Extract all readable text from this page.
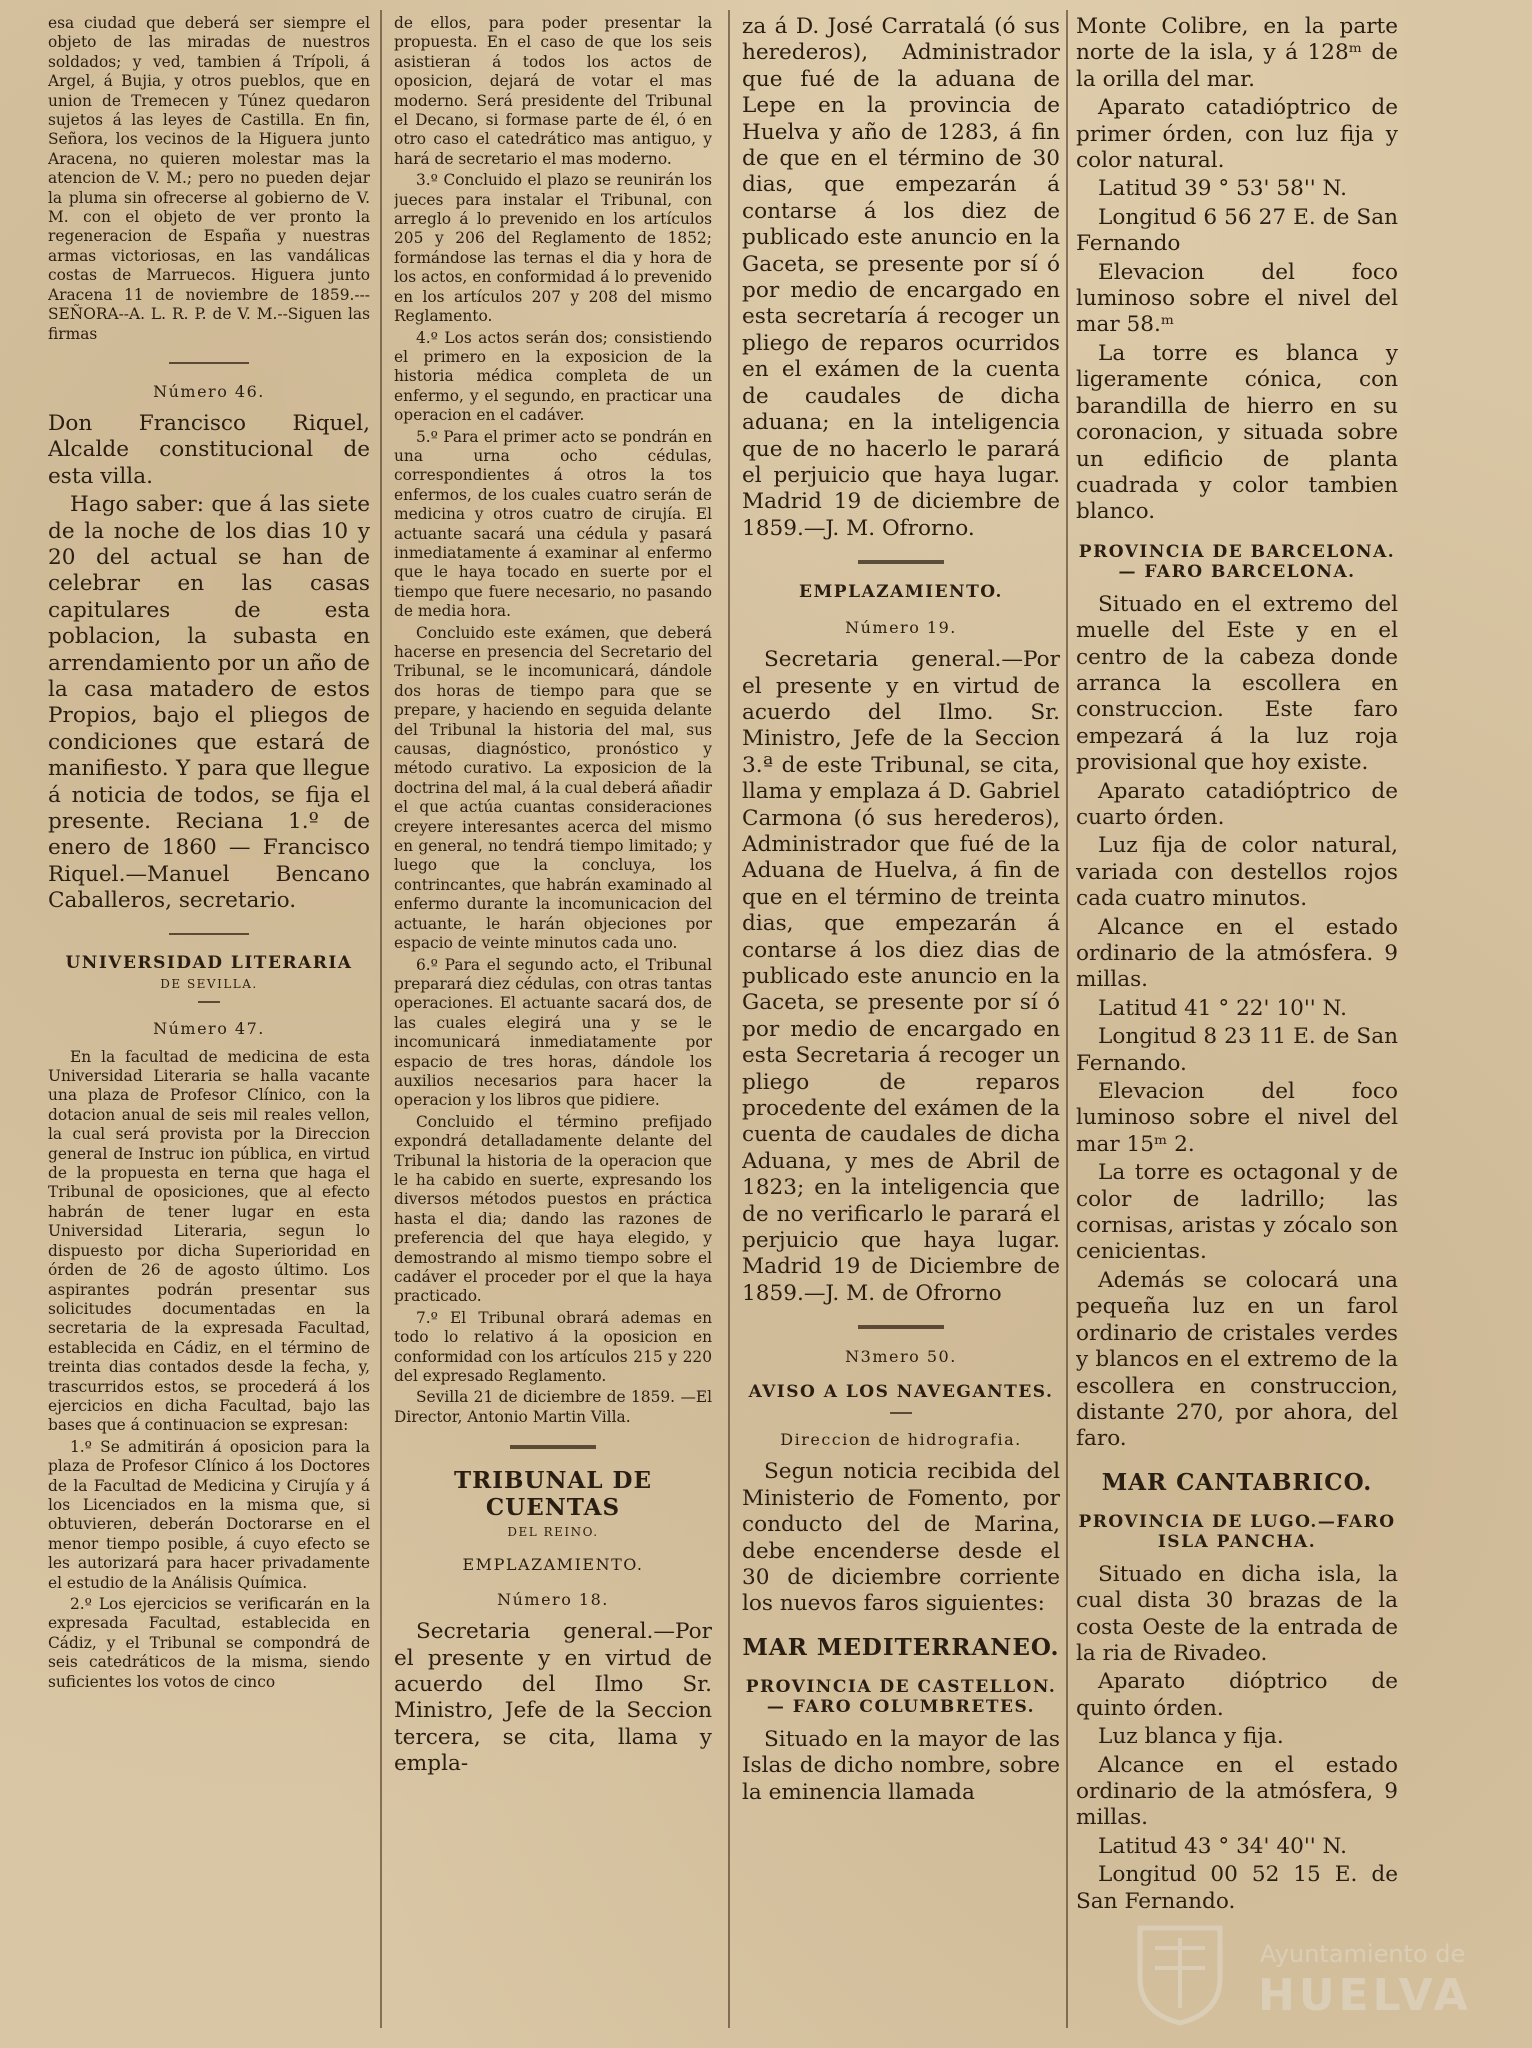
esa ciudad que deberá ser siempre el objeto de las miradas de nuestros soldados; y ved, tambien á Trípoli, á Argel, á Bujia, y otros pueblos, que en union de Tremecen y Túnez quedaron sujetos á las leyes de Castilla. En fin, Señora, los vecinos de la Higuera junto Aracena, no quieren molestar mas la atencion de V. M.; pero no pueden dejar la pluma sin ofrecerse al gobierno de V. M. con el objeto de ver pronto la regeneracion de España y nuestras armas victoriosas, en las vandálicas costas de Marruecos. Higuera junto Aracena 11 de noviembre de 1859.---SEÑORA--A. L. R. P. de V. M.--Siguen las firmas

Número 46.

Don Francisco Riquel, Alcalde constitucional de esta villa.

Hago saber: que á las siete de la noche de los dias 10 y 20 del actual se han de celebrar en las casas capitulares de esta poblacion, la subasta en arrendamiento por un año de la casa matadero de estos Propios, bajo el pliegos de condiciones que estará de manifiesto. Y para que llegue á noticia de todos, se fija el presente. Reciana 1.º de enero de 1860 — Francisco Riquel.—Manuel Bencano Caballeros, secretario.

UNIVERSIDAD LITERARIA
DE SEVILLA.
Número 47.

En la facultad de medicina de esta Universidad Literaria se halla vacante una plaza de Profesor Clínico, con la dotacion anual de seis mil reales vellon, la cual será provista por la Direccion general de Instruc ion pública, en virtud de la propuesta en terna que haga el Tribunal de oposiciones, que al efecto habrán de tener lugar en esta Universidad Literaria, segun lo dispuesto por dicha Superioridad en órden de 26 de agosto último. Los aspirantes podrán presentar sus solicitudes documentadas en la secretaria de la expresada Facultad, establecida en Cádiz, en el término de treinta dias contados desde la fecha, y, trascurridos estos, se procederá á los ejercicios en dicha Facultad, bajo las bases que á continuacion se expresan:

1.º Se admitirán á oposicion para la plaza de Profesor Clínico á los Doctores de la Facultad de Medicina y Cirujía y á los Licenciados en la misma que, si obtuvieren, deberán Doctorarse en el menor tiempo posible, á cuyo efecto se les autorizará para hacer privadamente el estudio de la Análisis Química.

2.º Los ejercicios se verificarán en la expresada Facultad, establecida en Cádiz, y el Tribunal se compondrá de seis catedráticos de la misma, siendo suficientes los votos de cinco

de ellos, para poder presentar la propuesta. En el caso de que los seis asistieran á todos los actos de oposicion, dejará de votar el mas moderno. Será presidente del Tribunal el Decano, si formase parte de él, ó en otro caso el catedrático mas antiguo, y hará de secretario el mas moderno.

3.º Concluido el plazo se reunirán los jueces para instalar el Tribunal, con arreglo á lo prevenido en los artículos 205 y 206 del Reglamento de 1852; formándose las ternas el dia y hora de los actos, en conformidad á lo prevenido en los artículos 207 y 208 del mismo Reglamento.

4.º Los actos serán dos; consistiendo el primero en la exposicion de la historia médica completa de un enfermo, y el segundo, en practicar una operacion en el cadáver.

5.º Para el primer acto se pondrán en una urna ocho cédulas, correspondientes á otros la tos enfermos, de los cuales cuatro serán de medicina y otros cuatro de cirujía. El actuante sacará una cédula y pasará inmediatamente á examinar al enfermo que le haya tocado en suerte por el tiempo que fuere necesario, no pasando de media hora.

Concluido este exámen, que deberá hacerse en presencia del Secretario del Tribunal, se le incomunicará, dándole dos horas de tiempo para que se prepare, y haciendo en seguida delante del Tribunal la historia del mal, sus causas, diagnóstico, pronóstico y método curativo. La exposicion de la doctrina del mal, á la cual deberá añadir el que actúa cuantas consideraciones creyere interesantes acerca del mismo en general, no tendrá tiempo limitado; y luego que la concluya, los contrincantes, que habrán examinado al enfermo durante la incomunicacion del actuante, le harán objeciones por espacio de veinte minutos cada uno.

6.º Para el segundo acto, el Tribunal preparará diez cédulas, con otras tantas operaciones. El actuante sacará dos, de las cuales elegirá una y se le incomunicará inmediatamente por espacio de tres horas, dándole los auxilios necesarios para hacer la operacion y los libros que pidiere.

Concluido el término prefijado expondrá detalladamente delante del Tribunal la historia de la operacion que le ha cabido en suerte, expresando los diversos métodos puestos en práctica hasta el dia; dando las razones de preferencia del que haya elegido, y demostrando al mismo tiempo sobre el cadáver el proceder por el que la haya practicado.

7.º El Tribunal obrará ademas en todo lo relativo á la oposicion en conformidad con los artículos 215 y 220 del expresado Reglamento.

Sevilla 21 de diciembre de 1859. —El Director, Antonio Martin Villa.

TRIBUNAL DE CUENTAS
DEL REINO.
EMPLAZAMIENTO.
Número 18.

Secretaria general.—Por el presente y en virtud de acuerdo del Ilmo Sr. Ministro, Jefe de la Seccion tercera, se cita, llama y empla-

za á D. José Carratalá (ó sus herederos), Administrador que fué de la aduana de Lepe en la provincia de Huelva y año de 1283, á fin de que en el término de 30 dias, que empezarán á contarse á los diez de publicado este anuncio en la Gaceta, se presente por sí ó por medio de encargado en esta secretaría á recoger un pliego de reparos ocurridos en el exámen de la cuenta de caudales de dicha aduana; en la inteligencia que de no hacerlo le parará el perjuicio que haya lugar. Madrid 19 de diciembre de 1859.—J. M. Ofrorno.

EMPLAZAMIENTO.
Número 19.

Secretaria general.—Por el presente y en virtud de acuerdo del Ilmo. Sr. Ministro, Jefe de la Seccion 3.ª de este Tribunal, se cita, llama y emplaza á D. Gabriel Carmona (ó sus herederos), Administrador que fué de la Aduana de Huelva, á fin de que en el término de treinta dias, que empezarán á contarse á los diez dias de publicado este anuncio en la Gaceta, se presente por sí ó por medio de encargado en esta Secretaria á recoger un pliego de reparos procedente del exámen de la cuenta de caudales de dicha Aduana, y mes de Abril de 1823; en la inteligencia que de no verificarlo le parará el perjuicio que haya lugar. Madrid 19 de Diciembre de 1859.—J. M. de Ofrorno

N3mero 50.
AVISO A LOS NAVEGANTES.
Direccion de hidrografia.

Segun noticia recibida del Ministerio de Fomento, por conducto del de Marina, debe encenderse desde el 30 de diciembre corriente los nuevos faros siguientes:

MAR MEDITERRANEO.
PROVINCIA DE CASTELLON.— FARO COLUMBRETES.

Situado en la mayor de las Islas de dicho nombre, sobre la eminencia llamada

Monte Colibre, en la parte norte de la isla, y á 128ᵐ de la orilla del mar.

Aparato catadióptrico de primer órden, con luz fija y color natural.

Latitud 39 ° 53' 58'' N.

Longitud 6 56 27 E. de San Fernando

Elevacion del foco luminoso sobre el nivel del mar 58.ᵐ

La torre es blanca y ligeramente cónica, con barandilla de hierro en su coronacion, y situada sobre un edificio de planta cuadrada y color tambien blanco.

PROVINCIA DE BARCELONA.— FARO BARCELONA.

Situado en el extremo del muelle del Este y en el centro de la cabeza donde arranca la escollera en construccion. Este faro empezará á la luz roja provisional que hoy existe.

Aparato catadióptrico de cuarto órden.

Luz fija de color natural, variada con destellos rojos cada cuatro minutos.

Alcance en el estado ordinario de la atmósfera. 9 millas.

Latitud 41 ° 22' 10'' N.

Longitud 8 23 11 E. de San Fernando.

Elevacion del foco luminoso sobre el nivel del mar 15ᵐ 2.

La torre es octagonal y de color de ladrillo; las cornisas, aristas y zócalo son cenicientas.

Además se colocará una pequeña luz en un farol ordinario de cristales verdes y blancos en el extremo de la escollera en construccion, distante 270, por ahora, del faro.

MAR CANTABRICO.
PROVINCIA DE LUGO.—FARO ISLA PANCHA.

Situado en dicha isla, la cual dista 30 brazas de la costa Oeste de la entrada de la ria de Rivadeo.

Aparato dióptrico de quinto órden.

Luz blanca y fija.

Alcance en el estado ordinario de la atmósfera, 9 millas.

Latitud 43 ° 34' 40'' N.

Longitud 00 52 15 E. de San Fernando.

Ayuntamiento de
HUELVA
